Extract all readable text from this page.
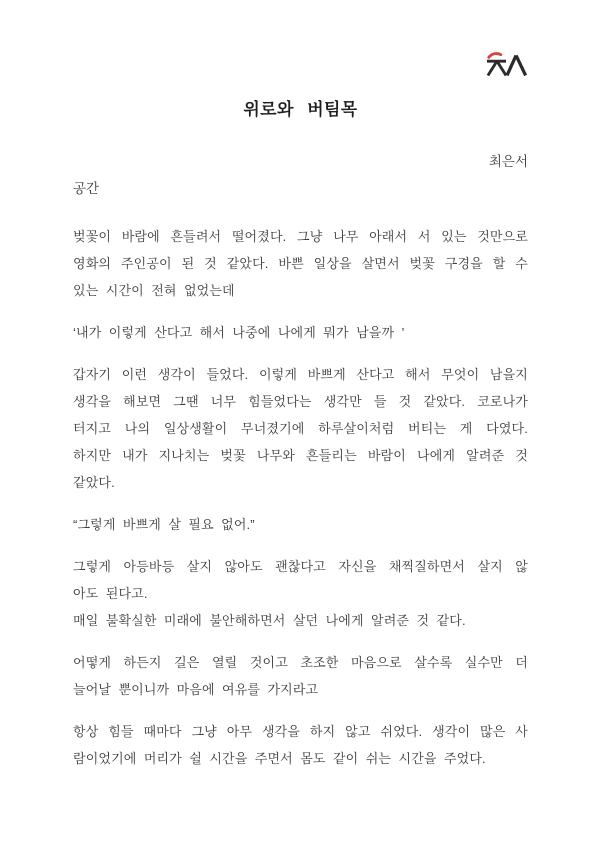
위로와 버팀목
최은서
공간
벚꽃이 바람에 흔들려서 떨어졌다. 그냥 나무 아래서 서 있는 것만으로
영화의 주인공이 된 것 같았다. 바쁜 일상을 살면서 벚꽃 구경을 할 수
있는 시간이 전혀 없었는데
‘내가 이렇게 산다고 해서 나중에 나에게 뭐가 남을까 ’
갑자기 이런 생각이 들었다. 이렇게 바쁘게 산다고 해서 무엇이 남을지
생각을 해보면 그땐 너무 힘들었다는 생각만 들 것 같았다. 코로나가
터지고 나의 일상생활이 무너졌기에 하루살이처럼 버티는 게 다였다.
하지만 내가 지나치는 벚꽃 나무와 흔들리는 바람이 나에게 알려준 것
같았다.
“그렇게 바쁘게 살 필요 없어.”
그렇게 아등바등 살지 않아도 괜찮다고 자신을 채찍질하면서 살지 않
아도 된다고.
매일 불확실한 미래에 불안해하면서 살던 나에게 알려준 것 같다.
어떻게 하든지 길은 열릴 것이고 초조한 마음으로 살수록 실수만 더
늘어날 뿐이니까 마음에 여유를 가지라고
항상 힘들 때마다 그냥 아무 생각을 하지 않고 쉬었다. 생각이 많은 사
람이었기에 머리가 쉴 시간을 주면서 몸도 같이 쉬는 시간을 주었다.
